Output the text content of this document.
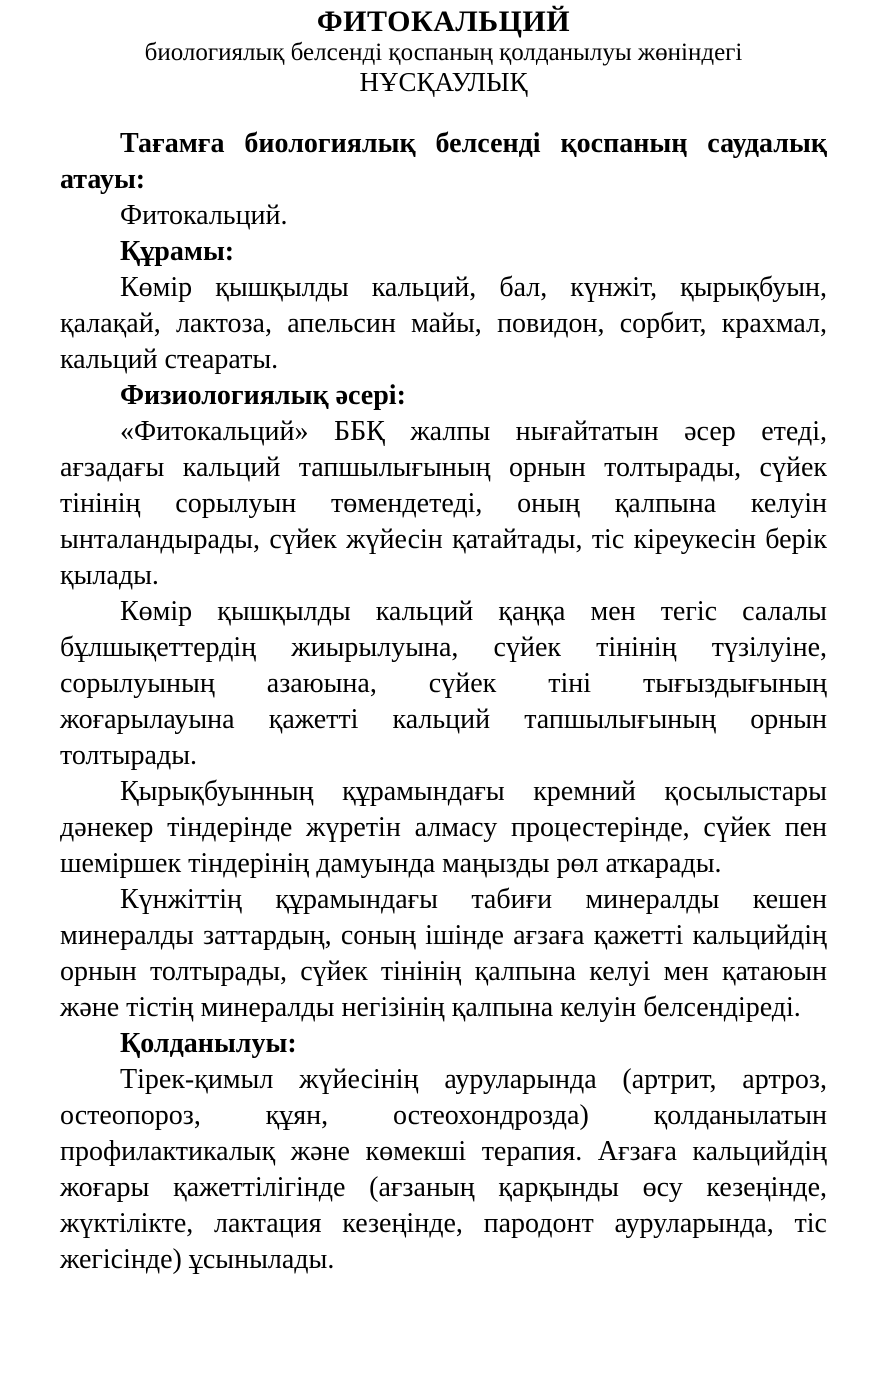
ФИТОКАЛЬЦИЙ
биологиялық белсенді қоспаның қолданылуы жөніндегі
НҰСҚАУЛЫҚ

Тағамға биологиялық белсенді қоспаның саудалық атауы:

Фитокальций.

Құрамы:

Көмір қышқылды кальций, бал, күнжіт, қырықбуын, қалақай, лактоза, апельсин майы, повидон, сорбит, крахмал, кальций стеараты.

Физиологиялық әсері:

«Фитокальций» ББҚ жалпы нығайтатын әсер етеді, ағзадағы кальций тапшылығының орнын толтырады, сүйек тінінің сорылуын төмендетеді, оның қалпына келуін ынталандырады, сүйек жүйесін қатайтады, тіс кіреукесін берік қылады.

Көмір қышқылды кальций қаңқа мен тегіс салалы бұлшықеттердің жиырылуына, сүйек тінінің түзілуіне, сорылуының азаюына, сүйек тіні тығыздығының жоғарылауына қажетті кальций тапшылығының орнын толтырады.

Қырықбуынның құрамындағы кремний қосылыстары дәнекер тіндерінде жүретін алмасу процестерінде, сүйек пен шеміршек тіндерінің дамуында маңызды рөл аткарады.

Күнжіттің құрамындағы табиғи минералды кешен минералды заттардың, соның ішінде ағзаға қажетті кальцийдің орнын толтырады, сүйек тінінің қалпына келуі мен қатаюын және тістің минералды негізінің қалпына келуін белсендіреді.

Қолданылуы:

Тірек-қимыл жүйесінің ауруларында (артрит, артроз, остеопороз, құян, остеохондрозда) қолданылатын профилактикалық және көмекші терапия. Ағзаға кальцийдің жоғары қажеттілігінде (ағзаның қарқынды өсу кезеңінде, жүктілікте, лактация кезеңінде, пародонт ауруларында, тіс жегісінде) ұсынылады.
